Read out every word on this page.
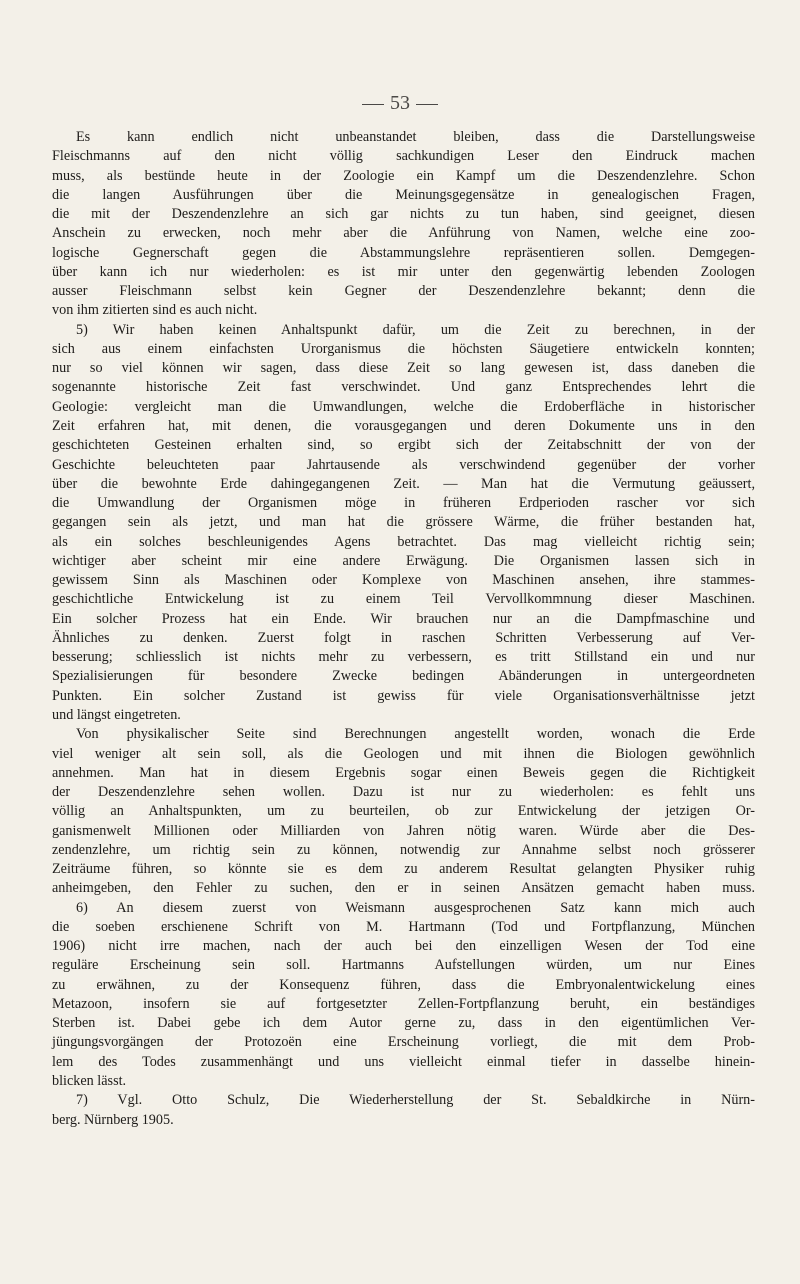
53
Es kann endlich nicht unbeanstandet bleiben, dass die Darstellungsweise
Fleischmanns auf den nicht völlig sachkundigen Leser den Eindruck machen
muss, als bestünde heute in der Zoologie ein Kampf um die Deszendenzlehre. Schon
die langen Ausführungen über die Meinungsgegensätze in genealogischen Fragen,
die mit der Deszendenzlehre an sich gar nichts zu tun haben, sind geeignet, diesen
Anschein zu erwecken, noch mehr aber die Anführung von Namen, welche eine zoo-
logische Gegnerschaft gegen die Abstammungslehre repräsentieren sollen. Demgegen-
über kann ich nur wiederholen: es ist mir unter den gegenwärtig lebenden Zoologen
ausser Fleischmann selbst kein Gegner der Deszendenzlehre bekannt; denn die
von ihm zitierten sind es auch nicht.
5) Wir haben keinen Anhaltspunkt dafür, um die Zeit zu berechnen, in der
sich aus einem einfachsten Urorganismus die höchsten Säugetiere entwickeln konnten;
nur so viel können wir sagen, dass diese Zeit so lang gewesen ist, dass daneben die
sogenannte historische Zeit fast verschwindet. Und ganz Entsprechendes lehrt die
Geologie: vergleicht man die Umwandlungen, welche die Erdoberfläche in historischer
Zeit erfahren hat, mit denen, die vorausgegangen und deren Dokumente uns in den
geschichteten Gesteinen erhalten sind, so ergibt sich der Zeitabschnitt der von der
Geschichte beleuchteten paar Jahrtausende als verschwindend gegenüber der vorher
über die bewohnte Erde dahingegangenen Zeit. — Man hat die Vermutung geäussert,
die Umwandlung der Organismen möge in früheren Erdperioden rascher vor sich
gegangen sein als jetzt, und man hat die grössere Wärme, die früher bestanden hat,
als ein solches beschleunigendes Agens betrachtet. Das mag vielleicht richtig sein;
wichtiger aber scheint mir eine andere Erwägung. Die Organismen lassen sich in
gewissem Sinn als Maschinen oder Komplexe von Maschinen ansehen, ihre stammes-
geschichtliche Entwickelung ist zu einem Teil Vervollkommnung dieser Maschinen.
Ein solcher Prozess hat ein Ende. Wir brauchen nur an die Dampfmaschine und
Ähnliches zu denken. Zuerst folgt in raschen Schritten Verbesserung auf Ver-
besserung; schliesslich ist nichts mehr zu verbessern, es tritt Stillstand ein und nur
Spezialisierungen für besondere Zwecke bedingen Abänderungen in untergeordneten
Punkten. Ein solcher Zustand ist gewiss für viele Organisationsverhältnisse jetzt
und längst eingetreten.
Von physikalischer Seite sind Berechnungen angestellt worden, wonach die Erde
viel weniger alt sein soll, als die Geologen und mit ihnen die Biologen gewöhnlich
annehmen. Man hat in diesem Ergebnis sogar einen Beweis gegen die Richtigkeit
der Deszendenzlehre sehen wollen. Dazu ist nur zu wiederholen: es fehlt uns
völlig an Anhaltspunkten, um zu beurteilen, ob zur Entwickelung der jetzigen Or-
ganismenwelt Millionen oder Milliarden von Jahren nötig waren. Würde aber die Des-
zendenzlehre, um richtig sein zu können, notwendig zur Annahme selbst noch grösserer
Zeiträume führen, so könnte sie es dem zu anderem Resultat gelangten Physiker ruhig
anheimgeben, den Fehler zu suchen, den er in seinen Ansätzen gemacht haben muss.
6) An diesem zuerst von Weismann ausgesprochenen Satz kann mich auch
die soeben erschienene Schrift von M. Hartmann (Tod und Fortpflanzung, München
1906) nicht irre machen, nach der auch bei den einzelligen Wesen der Tod eine
reguläre Erscheinung sein soll. Hartmanns Aufstellungen würden, um nur Eines
zu erwähnen, zu der Konsequenz führen, dass die Embryonalentwickelung eines
Metazoon, insofern sie auf fortgesetzter Zellen-Fortpflanzung beruht, ein beständiges
Sterben ist. Dabei gebe ich dem Autor gerne zu, dass in den eigentümlichen Ver-
jüngungsvorgängen der Protozoën eine Erscheinung vorliegt, die mit dem Prob-
lem des Todes zusammenhängt und uns vielleicht einmal tiefer in dasselbe hinein-
blicken lässt.
7) Vgl. Otto Schulz, Die Wiederherstellung der St. Sebaldkirche in Nürn-
berg. Nürnberg 1905.
